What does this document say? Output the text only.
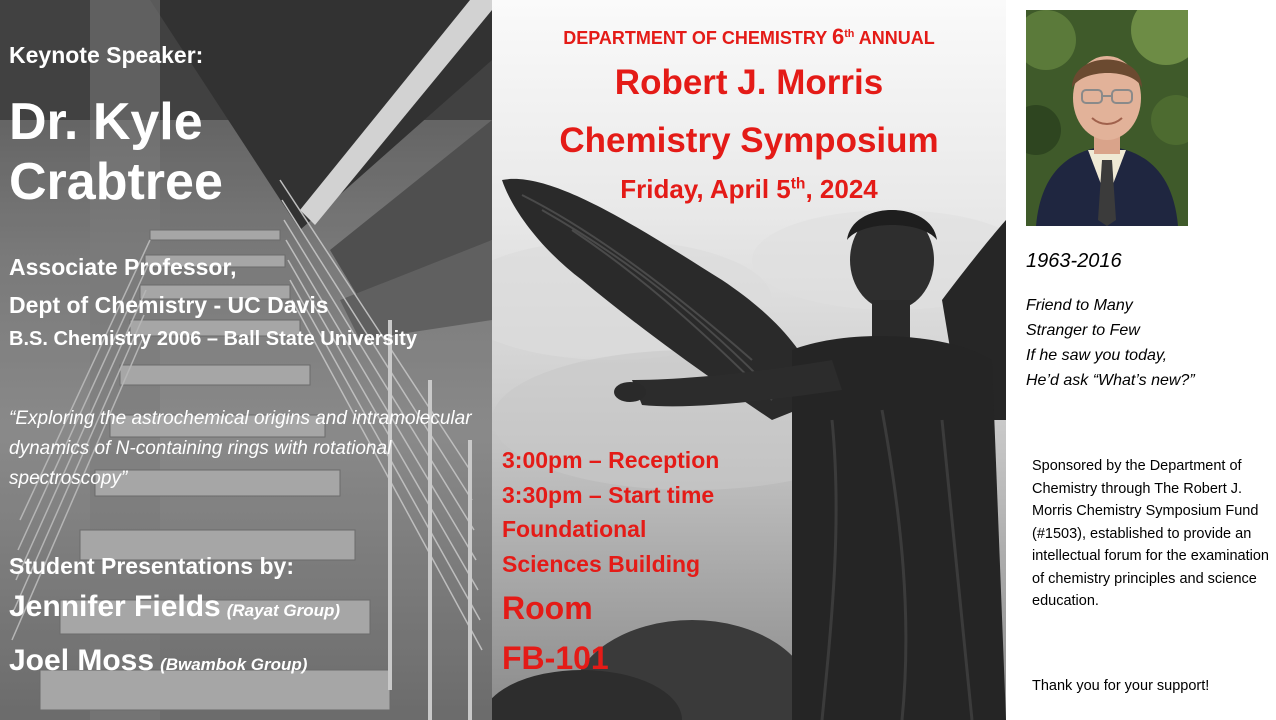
Keynote Speaker:
Dr. Kyle
Crabtree
Associate Professor,
Dept of Chemistry - UC Davis
B.S. Chemistry 2006 – Ball State University
“Exploring the astrochemical origins and intramolecular dynamics of N-containing rings with rotational spectroscopy”
Student Presentations by:
Jennifer Fields (Rayat Group)
Joel Moss (Bwambok Group)
DEPARTMENT OF CHEMISTRY 6th ANNUAL
Robert J. Morris
Chemistry Symposium
Friday, April 5th, 2024
3:00pm – Reception
3:30pm – Start time
Foundational
Sciences Building
Room
FB-101
1963-2016
Friend to Many
Stranger to Few
If he saw you today,
He’d ask “What’s new?”
Sponsored by the Department of Chemistry through The Robert J. Morris Chemistry Symposium Fund (#1503), established to provide an intellectual forum for the examination of chemistry principles and science education.
Thank you for your support!
